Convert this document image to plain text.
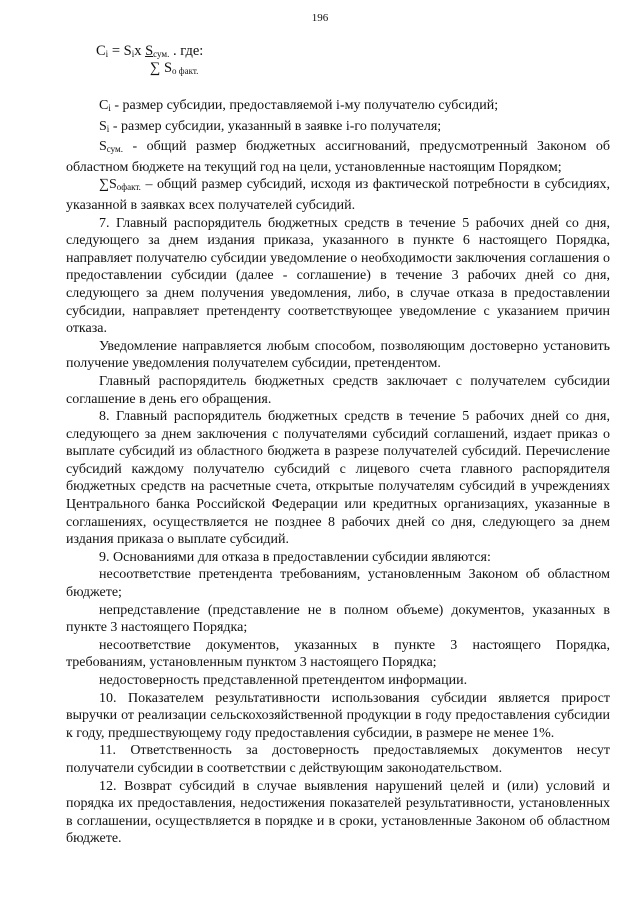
196
$C_i = S_ix$ $S_{сум.}$ . где:
∑ $S_{о факт.}$

$C_i$ - размер субсидии, предоставляемой i-му получателю субсидий;

$S_i$ - размер субсидии, указанный в заявке i-го получателя;

$S_{сум.}$ - общий размер бюджетных ассигнований, предусмотренный Законом об областном бюджете на текущий год на цели, установленные настоящим Порядком;

$\sum S_{офакт.}$ – общий размер субсидий, исходя из фактической потребности в субсидиях, указанной в заявках всех получателей субсидий.

7. Главный распорядитель бюджетных средств в течение 5 рабочих дней со дня, следующего за днем издания приказа, указанного в пункте 6 настоящего Порядка, направляет получателю субсидии уведомление о необходимости заключения соглашения о предоставлении субсидии (далее - соглашение) в течение 3 рабочих дней со дня, следующего за днем получения уведомления, либо, в случае отказа в предоставлении субсидии, направляет претенденту соответствующее уведомление с указанием причин отказа.

Уведомление направляется любым способом, позволяющим достоверно установить получение уведомления получателем субсидии, претендентом.

Главный распорядитель бюджетных средств заключает с получателем субсидии соглашение в день его обращения.

8. Главный распорядитель бюджетных средств в течение 5 рабочих дней со дня, следующего за днем заключения с получателями субсидий соглашений, издает приказ о выплате субсидий из областного бюджета в разрезе получателей субсидий. Перечисление субсидий каждому получателю субсидий с лицевого счета главного распорядителя бюджетных средств на расчетные счета, открытые получателям субсидий в учреждениях Центрального банка Российской Федерации или кредитных организациях, указанные в соглашениях, осуществляется не позднее 8 рабочих дней со дня, следующего за днем издания приказа о выплате субсидий.

9. Основаниями для отказа в предоставлении субсидии являются:

несоответствие претендента требованиям, установленным Законом об областном бюджете;

непредставление (представление не в полном объеме) документов, указанных в пункте 3 настоящего Порядка;

несоответствие документов, указанных в пункте 3 настоящего Порядка, требованиям, установленным пунктом 3 настоящего Порядка;

недостоверность представленной претендентом информации.

10. Показателем результативности использования субсидии является прирост выручки от реализации сельскохозяйственной продукции в году предоставления субсидии к году, предшествующему году предоставления субсидии, в размере не менее 1%.

11. Ответственность за достоверность предоставляемых документов несут получатели субсидии в соответствии с действующим законодательством.

12. Возврат субсидий в случае выявления нарушений целей и (или) условий и порядка их предоставления, недостижения показателей результативности, установленных в соглашении, осуществляется в порядке и в сроки, установленные Законом об областном бюджете.
